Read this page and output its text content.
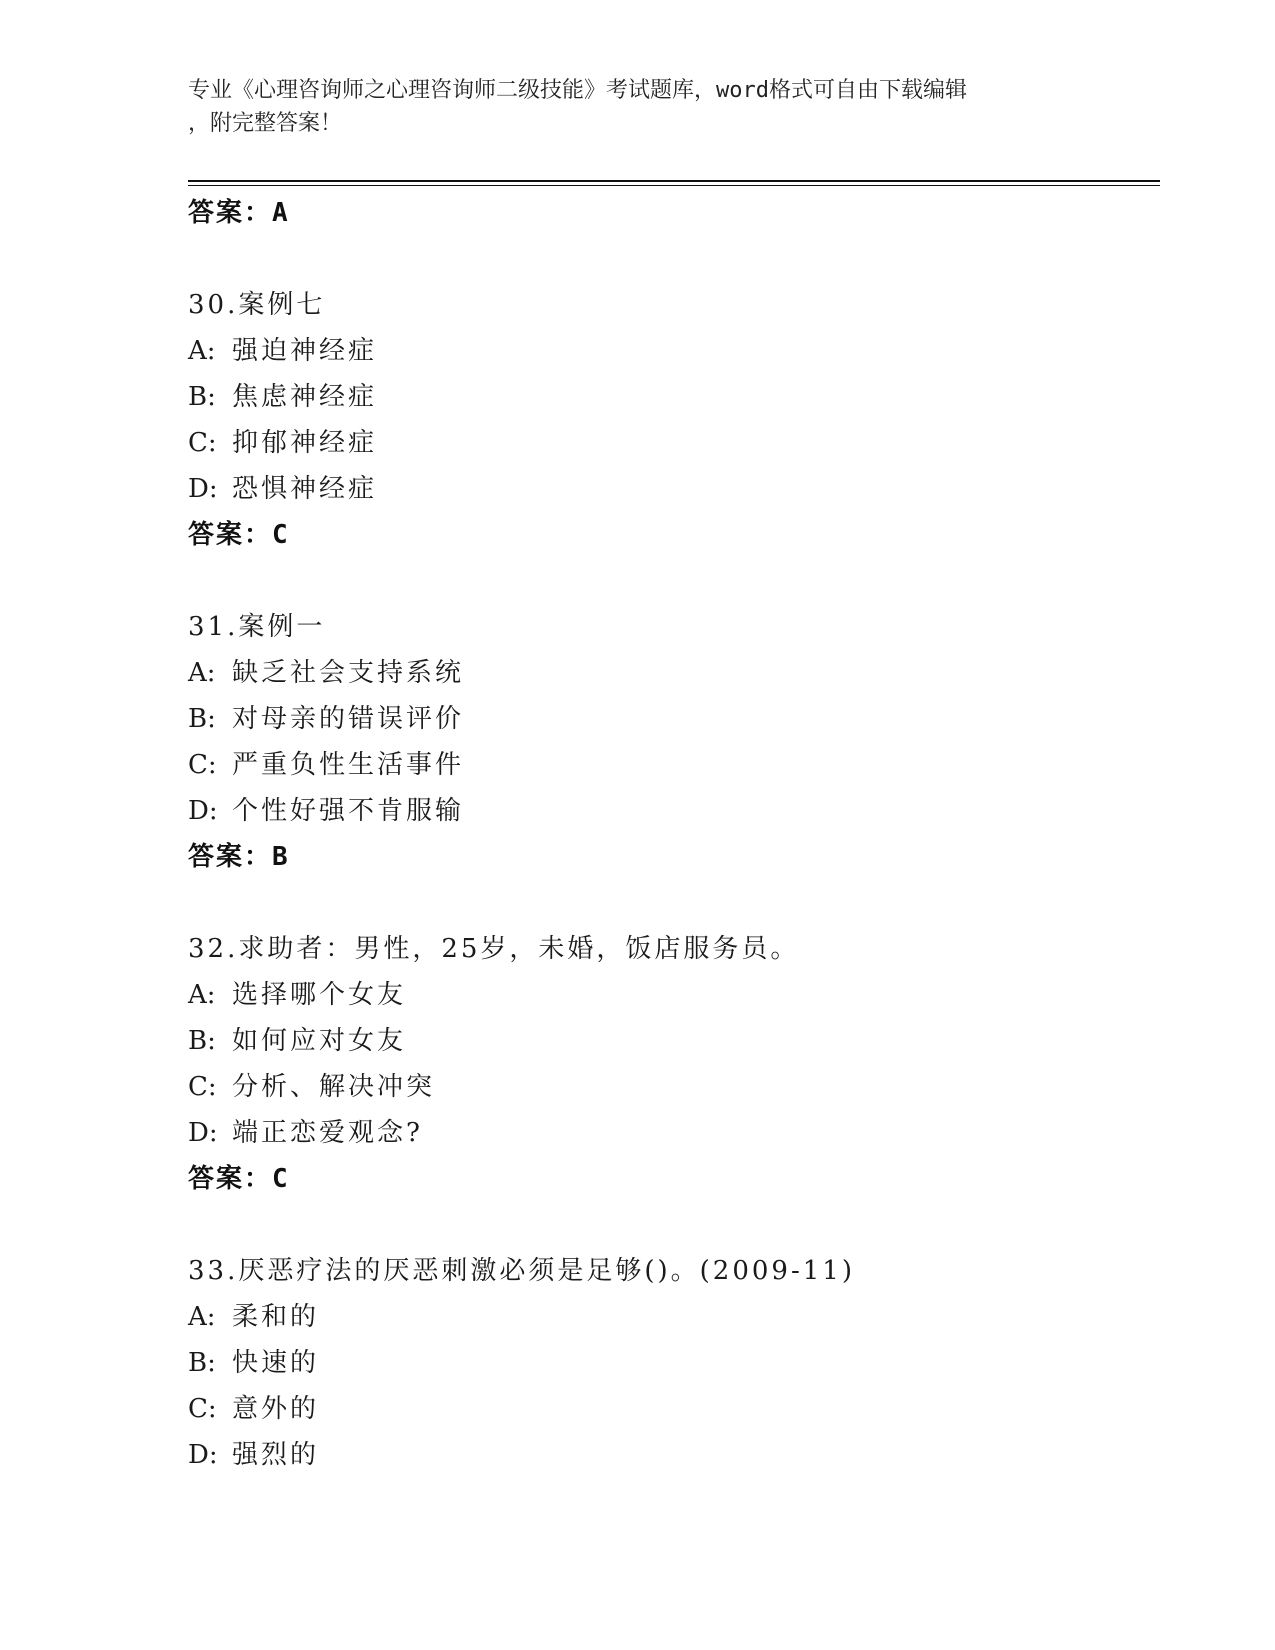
专业《心理咨询师之心理咨询师二级技能》考试题库，word格式可自由下载编辑
，附完整答案！
答案：A
30.案例七
A: 强迫神经症
B: 焦虑神经症
C: 抑郁神经症
D: 恐惧神经症
答案：C
31.案例一
A: 缺乏社会支持系统
B: 对母亲的错误评价
C: 严重负性生活事件
D: 个性好强不肯服输
答案：B
32.求助者：男性，25岁，未婚，饭店服务员。
A: 选择哪个女友
B: 如何应对女友
C: 分析、解决冲突
D: 端正恋爱观念?
答案：C
33.厌恶疗法的厌恶刺激必须是足够()。(2009-11)
A: 柔和的
B: 快速的
C: 意外的
D: 强烈的
